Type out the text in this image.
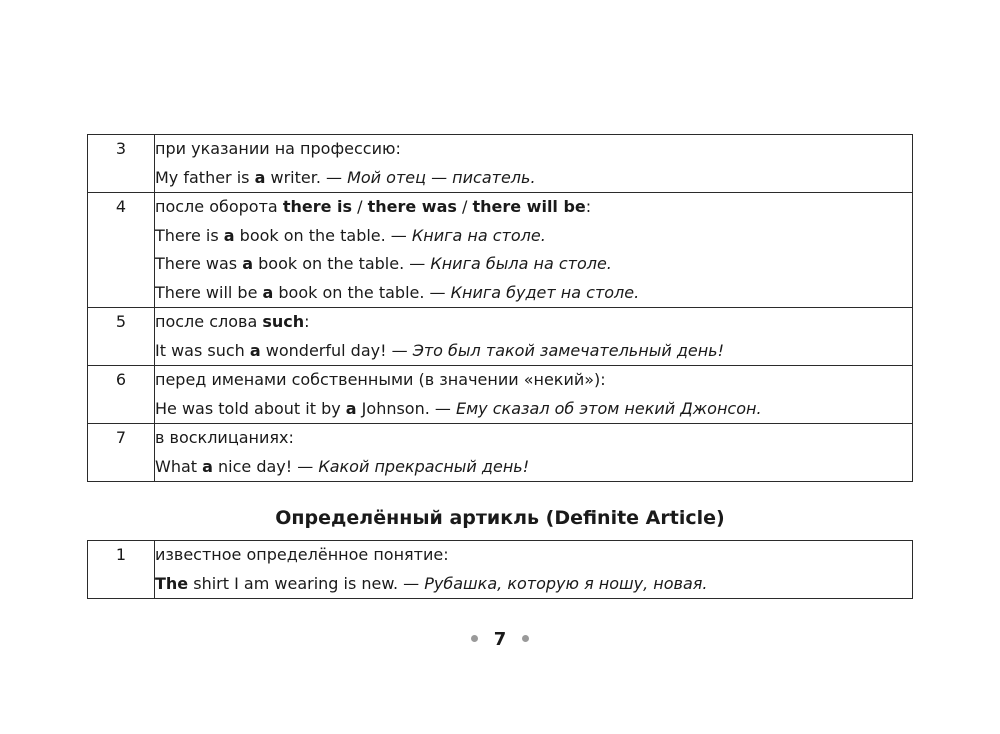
3	при указании на профессию:
My father is a writer. — Мой отец — писатель.

4	после оборота there is / there was / there will be:
There is a book on the table. — Книга на столе.
There was a book on the table. — Книга была на столе.
There will be a book on the table. — Книга будет на столе.

5	после слова such:
It was such a wonderful day! — Это был такой замечательный день!

6	перед именами собственными (в значении «некий»):
He was told about it by a Johnson. — Ему сказал об этом некий Джонсон.

7	в восклицаниях:
What a nice day! — Какой прекрасный день!
Определённый артикль (Definite Article)
1	известное определённое понятие:
The shirt I am wearing is new. — Рубашка, которую я ношу, новая.
7
